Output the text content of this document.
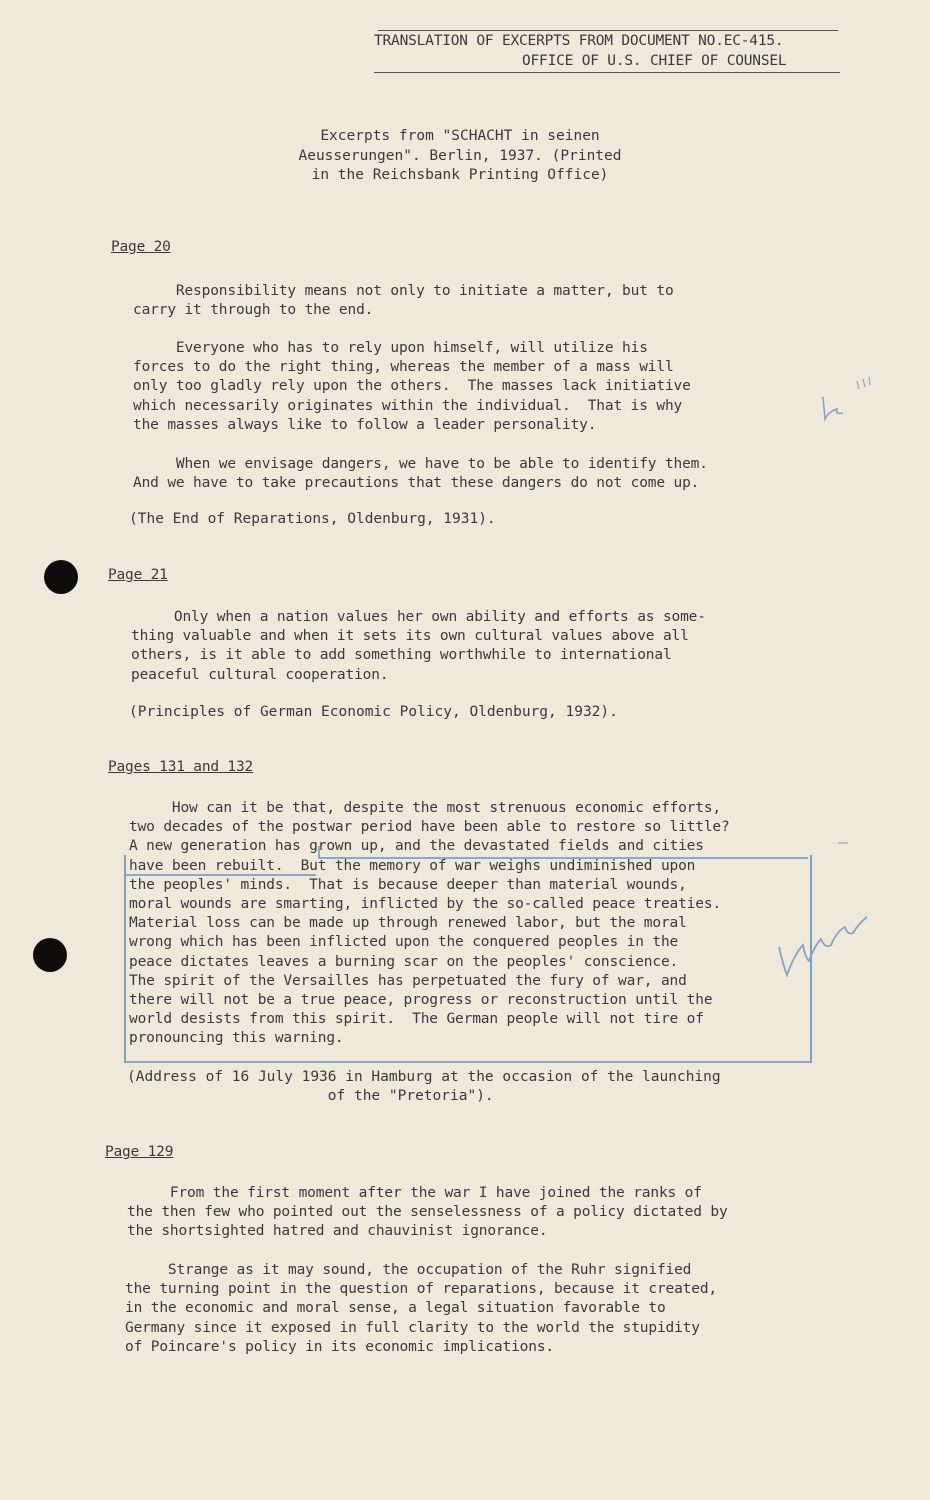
TRANSLATION OF EXCERPTS FROM DOCUMENT NO.EC-415.
OFFICE OF U.S. CHIEF OF COUNSEL
Excerpts from "SCHACHT in seinen
Aeusserungen". Berlin, 1937. (Printed
in the Reichsbank Printing Office)
Page 20

Responsibility means not only to initiate a matter, but to
carry it through to the end.

Everyone who has to rely upon himself, will utilize his
forces to do the right thing, whereas the member of a mass will
only too gladly rely upon the others.  The masses lack initiative
which necessarily originates within the individual.  That is why
the masses always like to follow a leader personality.

When we envisage dangers, we have to be able to identify them.
And we have to take precautions that these dangers do not come up.

(The End of Reparations, Oldenburg, 1931).
Page 21

Only when a nation values her own ability and efforts as some-
thing valuable and when it sets its own cultural values above all
others, is it able to add something worthwhile to international
peaceful cultural cooperation.

(Principles of German Economic Policy, Oldenburg, 1932).
Pages 131 and 132

How can it be that, despite the most strenuous economic efforts,
two decades of the postwar period have been able to restore so little?
A new generation has grown up, and the devastated fields and cities
have been rebuilt.  But the memory of war weighs undiminished upon
the peoples' minds.  That is because deeper than material wounds,
moral wounds are smarting, inflicted by the so-called peace treaties.
Material loss can be made up through renewed labor, but the moral
wrong which has been inflicted upon the conquered peoples in the
peace dictates leaves a burning scar on the peoples' conscience.
The spirit of the Versailles has perpetuated the fury of war, and
there will not be a true peace, progress or reconstruction until the
world desists from this spirit.  The German people will not tire of
pronouncing this warning.

(Address of 16 July 1936 in Hamburg at the occasion of the launching
of the "Pretoria").
Page 129

From the first moment after the war I have joined the ranks of
the then few who pointed out the senselessness of a policy dictated by
the shortsighted hatred and chauvinist ignorance.

Strange as it may sound, the occupation of the Ruhr signified
the turning point in the question of reparations, because it created,
in the economic and moral sense, a legal situation favorable to
Germany since it exposed in full clarity to the world the stupidity
of Poincare's policy in its economic implications.
